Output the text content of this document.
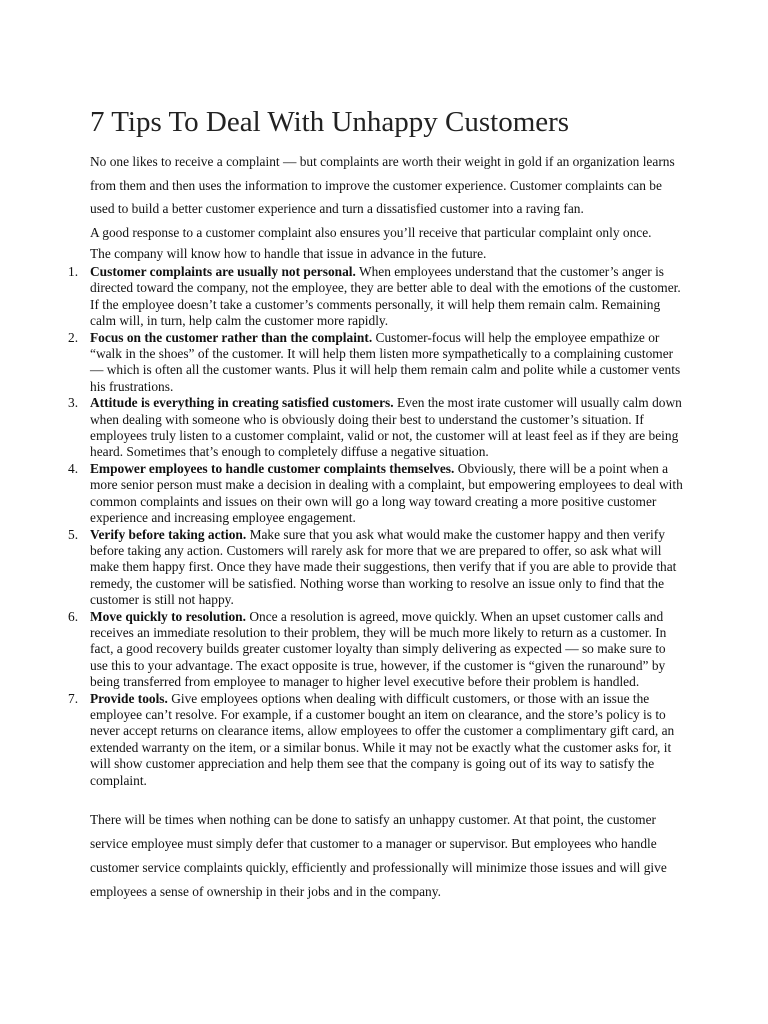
7 Tips To Deal With Unhappy Customers

No one likes to receive a complaint — but complaints are worth their weight in gold if an organization learns from them and then uses the information to improve the customer experience. Customer complaints can be used to build a better customer experience and turn a dissatisfied customer into a raving fan.

A good response to a customer complaint also ensures you’ll receive that particular complaint only once.

The company will know how to handle that issue in advance in the future.

1. Customer complaints are usually not personal. When employees understand that the customer’s anger is directed toward the company, not the employee, they are better able to deal with the emotions of the customer. If the employee doesn’t take a customer’s comments personally, it will help them remain calm. Remaining calm will, in turn, help calm the customer more rapidly.
2. Focus on the customer rather than the complaint. Customer-focus will help the employee empathize or “walk in the shoes” of the customer. It will help them listen more sympathetically to a complaining customer — which is often all the customer wants. Plus it will help them remain calm and polite while a customer vents his frustrations.
3. Attitude is everything in creating satisfied customers. Even the most irate customer will usually calm down when dealing with someone who is obviously doing their best to understand the customer’s situation. If employees truly listen to a customer complaint, valid or not, the customer will at least feel as if they are being heard. Sometimes that’s enough to completely diffuse a negative situation.
4. Empower employees to handle customer complaints themselves. Obviously, there will be a point when a more senior person must make a decision in dealing with a complaint, but empowering employees to deal with common complaints and issues on their own will go a long way toward creating a more positive customer experience and increasing employee engagement.
5. Verify before taking action. Make sure that you ask what would make the customer happy and then verify before taking any action. Customers will rarely ask for more that we are prepared to offer, so ask what will make them happy first. Once they have made their suggestions, then verify that if you are able to provide that remedy, the customer will be satisfied. Nothing worse than working to resolve an issue only to find that the customer is still not happy.
6. Move quickly to resolution. Once a resolution is agreed, move quickly. When an upset customer calls and receives an immediate resolution to their problem, they will be much more likely to return as a customer. In fact, a good recovery builds greater customer loyalty than simply delivering as expected — so make sure to use this to your advantage. The exact opposite is true, however, if the customer is “given the runaround” by being transferred from employee to manager to higher level executive before their problem is handled.
7. Provide tools. Give employees options when dealing with difficult customers, or those with an issue the employee can’t resolve. For example, if a customer bought an item on clearance, and the store’s policy is to never accept returns on clearance items, allow employees to offer the customer a complimentary gift card, an extended warranty on the item, or a similar bonus. While it may not be exactly what the customer asks for, it will show customer appreciation and help them see that the company is going out of its way to satisfy the complaint.

There will be times when nothing can be done to satisfy an unhappy customer. At that point, the customer service employee must simply defer that customer to a manager or supervisor. But employees who handle customer service complaints quickly, efficiently and professionally will minimize those issues and will give employees a sense of ownership in their jobs and in the company.
